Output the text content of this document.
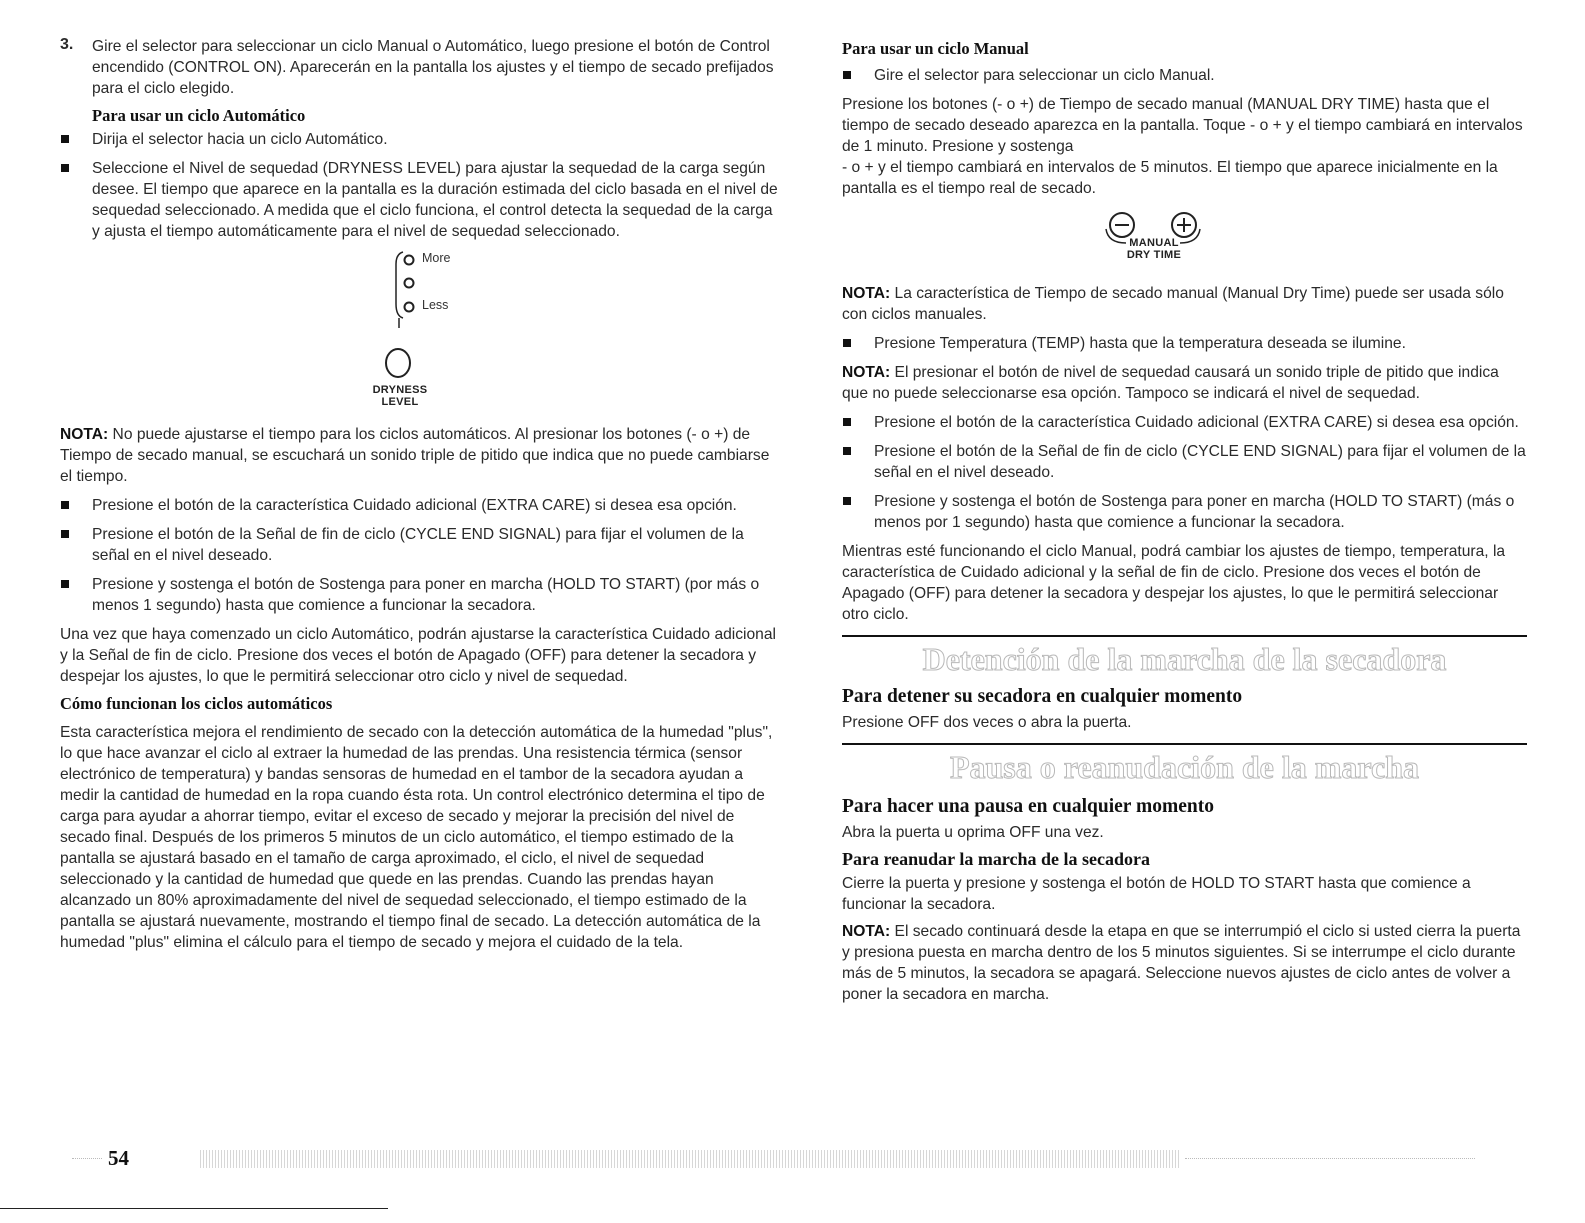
3. Gire el selector para seleccionar un ciclo Manual o Automático, luego presione el botón de Control encendido (CONTROL ON). Aparecerán en la pantalla los ajustes y el tiempo de secado prefijados para el ciclo elegido.

Para usar un ciclo Automático
Dirija el selector hacia un ciclo Automático.
Seleccione el Nivel de sequedad (DRYNESS LEVEL) para ajustar la sequedad de la carga según desee. El tiempo que aparece en la pantalla es la duración estimada del ciclo basada en el nivel de sequedad seleccionado. A medida que el ciclo funciona, el control detecta la sequedad de la carga y ajusta el tiempo automáticamente para el nivel de sequedad seleccionado.
More
Less
DRYNESS
LEVEL

NOTA: No puede ajustarse el tiempo para los ciclos automáticos. Al presionar los botones (- o +) de Tiempo de secado manual, se escuchará un sonido triple de pitido que indica que no puede cambiarse el tiempo.

Presione el botón de la característica Cuidado adicional (EXTRA CARE) si desea esa opción.
Presione el botón de la Señal de fin de ciclo (CYCLE END SIGNAL) para fijar el volumen de la señal en el nivel deseado.
Presione y sostenga el botón de Sostenga para poner en marcha (HOLD TO START) (por más o menos 1 segundo) hasta que comience a funcionar la secadora.

Una vez que haya comenzado un ciclo Automático, podrán ajustarse la característica Cuidado adicional y la Señal de fin de ciclo. Presione dos veces el botón de Apagado (OFF) para detener la secadora y despejar los ajustes, lo que le permitirá seleccionar otro ciclo y nivel de sequedad.

Cómo funcionan los ciclos automáticos

Esta característica mejora el rendimiento de secado con la detección automática de la humedad "plus", lo que hace avanzar el ciclo al extraer la humedad de las prendas. Una resistencia térmica (sensor electrónico de temperatura) y bandas sensoras de humedad en el tambor de la secadora ayudan a medir la cantidad de humedad en la ropa cuando ésta rota. Un control electrónico determina el tipo de carga para ayudar a ahorrar tiempo, evitar el exceso de secado y mejorar la precisión del nivel de secado final. Después de los primeros 5 minutos de un ciclo automático, el tiempo estimado de la pantalla se ajustará basado en el tamaño de carga aproximado, el ciclo, el nivel de sequedad seleccionado y la cantidad de humedad que quede en las prendas. Cuando las prendas hayan alcanzado un 80% aproximadamente del nivel de sequedad seleccionado, el tiempo estimado de la pantalla se ajustará nuevamente, mostrando el tiempo final de secado. La detección automática de la humedad "plus" elimina el cálculo para el tiempo de secado y mejora el cuidado de la tela.

Para usar un ciclo Manual
Gire el selector para seleccionar un ciclo Manual.

Presione los botones (- o +) de Tiempo de secado manual (MANUAL DRY TIME) hasta que el tiempo de secado deseado aparezca en la pantalla. Toque - o + y el tiempo cambiará en intervalos de 1 minuto. Presione y sostenga

- o + y el tiempo cambiará en intervalos de 5 minutos. El tiempo que aparece inicialmente en la pantalla es el tiempo real de secado.

MANUAL
DRY TIME

NOTA: La característica de Tiempo de secado manual (Manual Dry Time) puede ser usada sólo con ciclos manuales.

Presione Temperatura (TEMP) hasta que la temperatura deseada se ilumine.

NOTA: El presionar el botón de nivel de sequedad causará un sonido triple de pitido que indica que no puede seleccionarse esa opción. Tampoco se indicará el nivel de sequedad.

Presione el botón de la característica Cuidado adicional (EXTRA CARE) si desea esa opción.
Presione el botón de la Señal de fin de ciclo (CYCLE END SIGNAL) para fijar el volumen de la señal en el nivel deseado.
Presione y sostenga el botón de Sostenga para poner en marcha (HOLD TO START) (más o menos por 1 segundo) hasta que comience a funcionar la secadora.

Mientras esté funcionando el ciclo Manual, podrá cambiar los ajustes de tiempo, temperatura, la característica de Cuidado adicional y la señal de fin de ciclo. Presione dos veces el botón de Apagado (OFF) para detener la secadora y despejar los ajustes, lo que le permitirá seleccionar otro ciclo.

Detención de la marcha de la secadora
Para detener su secadora en cualquier momento

Presione OFF dos veces o abra la puerta.

Pausa o reanudación de la marcha
Para hacer una pausa en cualquier momento

Abra la puerta u oprima OFF una vez.

Para reanudar la marcha de la secadora

Cierre la puerta y presione y sostenga el botón de HOLD TO START hasta que comience a funcionar la secadora.

NOTA: El secado continuará desde la etapa en que se interrumpió el ciclo si usted cierra la puerta y presiona puesta en marcha dentro de los 5 minutos siguientes. Si se interrumpe el ciclo durante más de 5 minutos, la secadora se apagará. Seleccione nuevos ajustes de ciclo antes de volver a poner la secadora en marcha.

54
